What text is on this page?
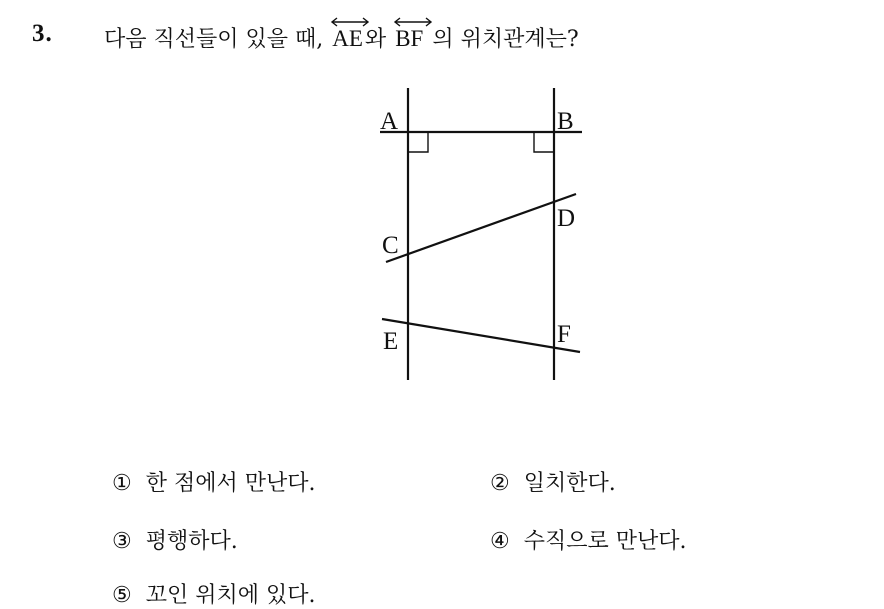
3. 다음 직선들이 있을 때, AE와 BF 의 위치관계는?
A	B
C
D
E	F
① 한 점에서 만난다.	② 일치한다.
③ 평행하다.	④ 수직으로 만난다.
⑤ 꼬인 위치에 있다.
